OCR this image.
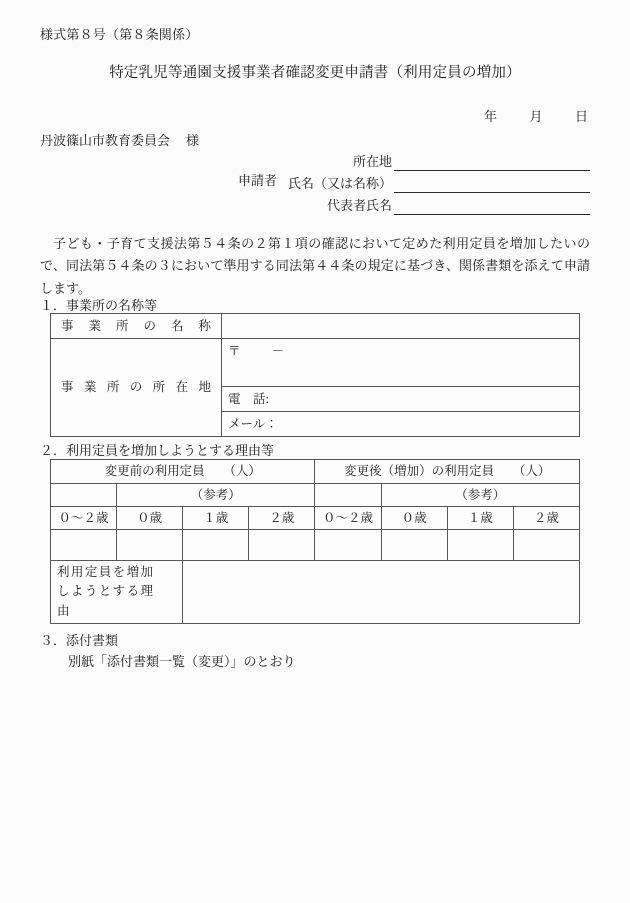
様式第８号（第８条関係）
特定乳児等通園支援事業者確認変更申請書（利用定員の増加）
年	月	日
丹波篠山市教育委員会 様
申請者
所在地
氏名（又は名称）
代表者氏名
子ども・子育て支援法第５４条の２第１項の確認において定めた利用定員を増加したいので、同法第５４条の３において準用する同法第４４条の規定に基づき、関係書類を添えて申請します。
１．事業所の名称等
事業所の名称	
事業所の所在地	〒 －
	電　話:
	メール：
２．利用定員を増加しようとする理由等
変更前の利用定員　　（人）				変更後（増加）の利用定員　　（人）			
	（参考）				（参考）		
０〜２歳	０歳	１歳	２歳	０〜２歳	０歳	１歳	２歳

利用定員を増加
しようとする理由							

３．添付書類
別紙「添付書類一覧（変更）」のとおり
